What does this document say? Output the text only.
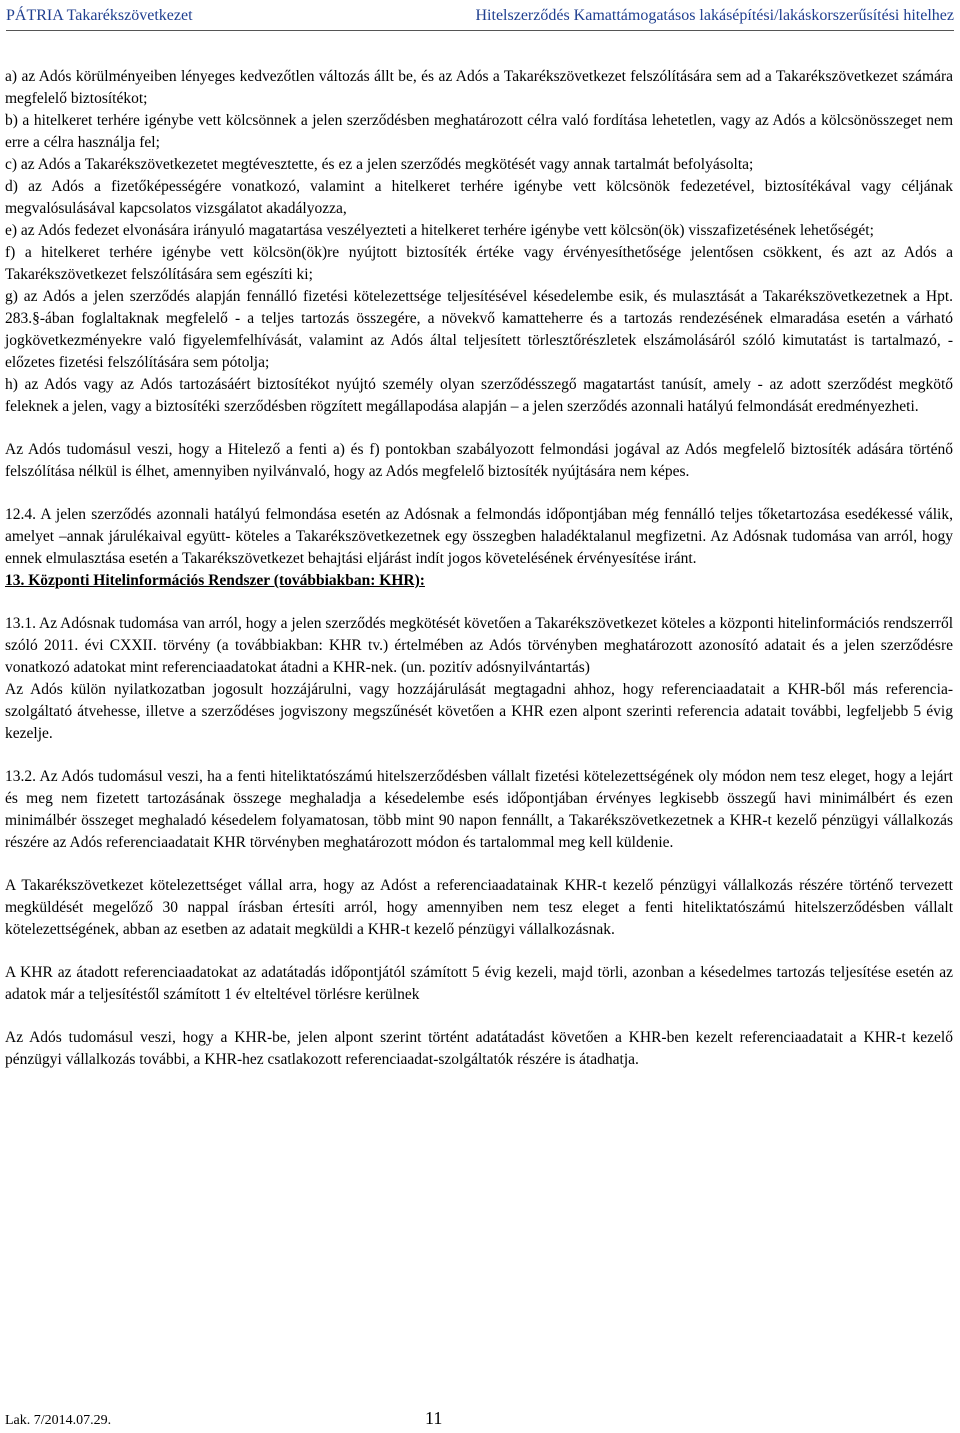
PÁTRIA Takarékszövetkezet	Hitelszerződés Kamattámogatásos lakásépítési/lakáskorszerűsítési hitelhez

a) az Adós körülményeiben lényeges kedvezőtlen változás állt be, és az Adós a Takarékszövetkezet felszólítására sem ad a Takarékszövetkezet számára megfelelő biztosítékot;

b) a hitelkeret terhére igénybe vett kölcsönnek a jelen szerződésben meghatározott célra való fordítása lehetetlen, vagy az Adós a kölcsönösszeget nem erre a célra használja fel;

c) az Adós a Takarékszövetkezetet megtévesztette, és ez a jelen szerződés megkötését vagy annak tartalmát befolyásolta;

d) az Adós a fizetőképességére vonatkozó, valamint a hitelkeret terhére igénybe vett kölcsönök fedezetével, biztosítékával vagy céljának megvalósulásával kapcsolatos vizsgálatot akadályozza,

e) az Adós fedezet elvonására irányuló magatartása veszélyezteti a hitelkeret terhére igénybe vett kölcsön(ök) visszafizetésének lehetőségét;

f) a hitelkeret terhére igénybe vett kölcsön(ök)re nyújtott biztosíték értéke vagy érvényesíthetősége jelentősen csökkent, és azt az Adós a Takarékszövetkezet felszólítására sem egészíti ki;

g) az Adós a jelen szerződés alapján fennálló fizetési kötelezettsége teljesítésével késedelembe esik, és mulasztását a Takarékszövetkezetnek a Hpt. 283.§-ában foglaltaknak megfelelő - a teljes tartozás összegére, a növekvő kamatteherre és a tartozás rendezésének elmaradása esetén a várható jogkövetkezményekre való figyelemfelhívását, valamint az Adós által teljesített törlesztőrészletek elszámolásáról szóló kimutatást is tartalmazó, - előzetes fizetési felszólítására sem pótolja;

h) az Adós vagy az Adós tartozásáért biztosítékot nyújtó személy olyan szerződésszegő magatartást tanúsít, amely - az adott szerződést megkötő feleknek a jelen, vagy a biztosítéki szerződésben rögzített megállapodása alapján – a jelen szerződés azonnali hatályú felmondását eredményezheti.

Az Adós tudomásul veszi, hogy a Hitelező a fenti a) és f) pontokban szabályozott felmondási jogával az Adós megfelelő biztosíték adására történő felszólítása nélkül is élhet, amennyiben nyilvánvaló, hogy az Adós megfelelő biztosíték nyújtására nem képes.

12.4. A jelen szerződés azonnali hatályú felmondása esetén az Adósnak a felmondás időpontjában még fennálló teljes tőketartozása esedékessé válik, amelyet –annak járulékaival együtt- köteles a Takarékszövetkezetnek egy összegben haladéktalanul megfizetni. Az Adósnak tudomása van arról, hogy ennek elmulasztása esetén a Takarékszövetkezet behajtási eljárást indít jogos követelésének érvényesítése iránt.

13. Központi Hitelinformációs Rendszer (továbbiakban: KHR):

13.1. Az Adósnak tudomása van arról, hogy a jelen szerződés megkötését követően a Takarékszövetkezet köteles a központi hitelinformációs rendszerről szóló 2011. évi CXXII. törvény (a továbbiakban: KHR tv.) értelmében az Adós törvényben meghatározott azonosító adatait és a jelen szerződésre vonatkozó adatokat mint referenciaadatokat átadni a KHR-nek. (un. pozitív adósnyilvántartás)

Az Adós külön nyilatkozatban jogosult hozzájárulni, vagy hozzájárulását megtagadni ahhoz, hogy referenciaadatait a KHR-ből más referencia-szolgáltató átvehesse, illetve a szerződéses jogviszony megszűnését követően a KHR ezen alpont szerinti referencia adatait további, legfeljebb 5 évig kezelje.

13.2. Az Adós tudomásul veszi, ha a fenti hiteliktatószámú hitelszerződésben vállalt fizetési kötelezettségének oly módon nem tesz eleget, hogy a lejárt és meg nem fizetett tartozásának összege meghaladja a késedelembe esés időpontjában érvényes legkisebb összegű havi minimálbért és ezen minimálbér összeget meghaladó késedelem folyamatosan, több mint 90 napon fennállt, a Takarékszövetkezetnek a KHR-t kezelő pénzügyi vállalkozás részére az Adós referenciaadatait KHR törvényben meghatározott módon és tartalommal meg kell küldenie.

A Takarékszövetkezet kötelezettséget vállal arra, hogy az Adóst a referenciaadatainak KHR-t kezelő pénzügyi vállalkozás részére történő tervezett megküldését megelőző 30 nappal írásban értesíti arról, hogy amennyiben nem tesz eleget a fenti hiteliktatószámú hitelszerződésben vállalt kötelezettségének, abban az esetben az adatait megküldi a KHR-t kezelő pénzügyi vállalkozásnak.

A KHR az átadott referenciaadatokat az adatátadás időpontjától számított 5 évig kezeli, majd törli, azonban a késedelmes tartozás teljesítése esetén az adatok már a teljesítéstől számított 1 év elteltével törlésre kerülnek

Az Adós tudomásul veszi, hogy a KHR-be, jelen alpont szerint történt adatátadást követően a KHR-ben kezelt referenciaadatait a KHR-t kezelő pénzügyi vállalkozás további, a KHR-hez csatlakozott referenciaadat-szolgáltatók részére is átadhatja.

Lak. 7/2014.07.29.	11
